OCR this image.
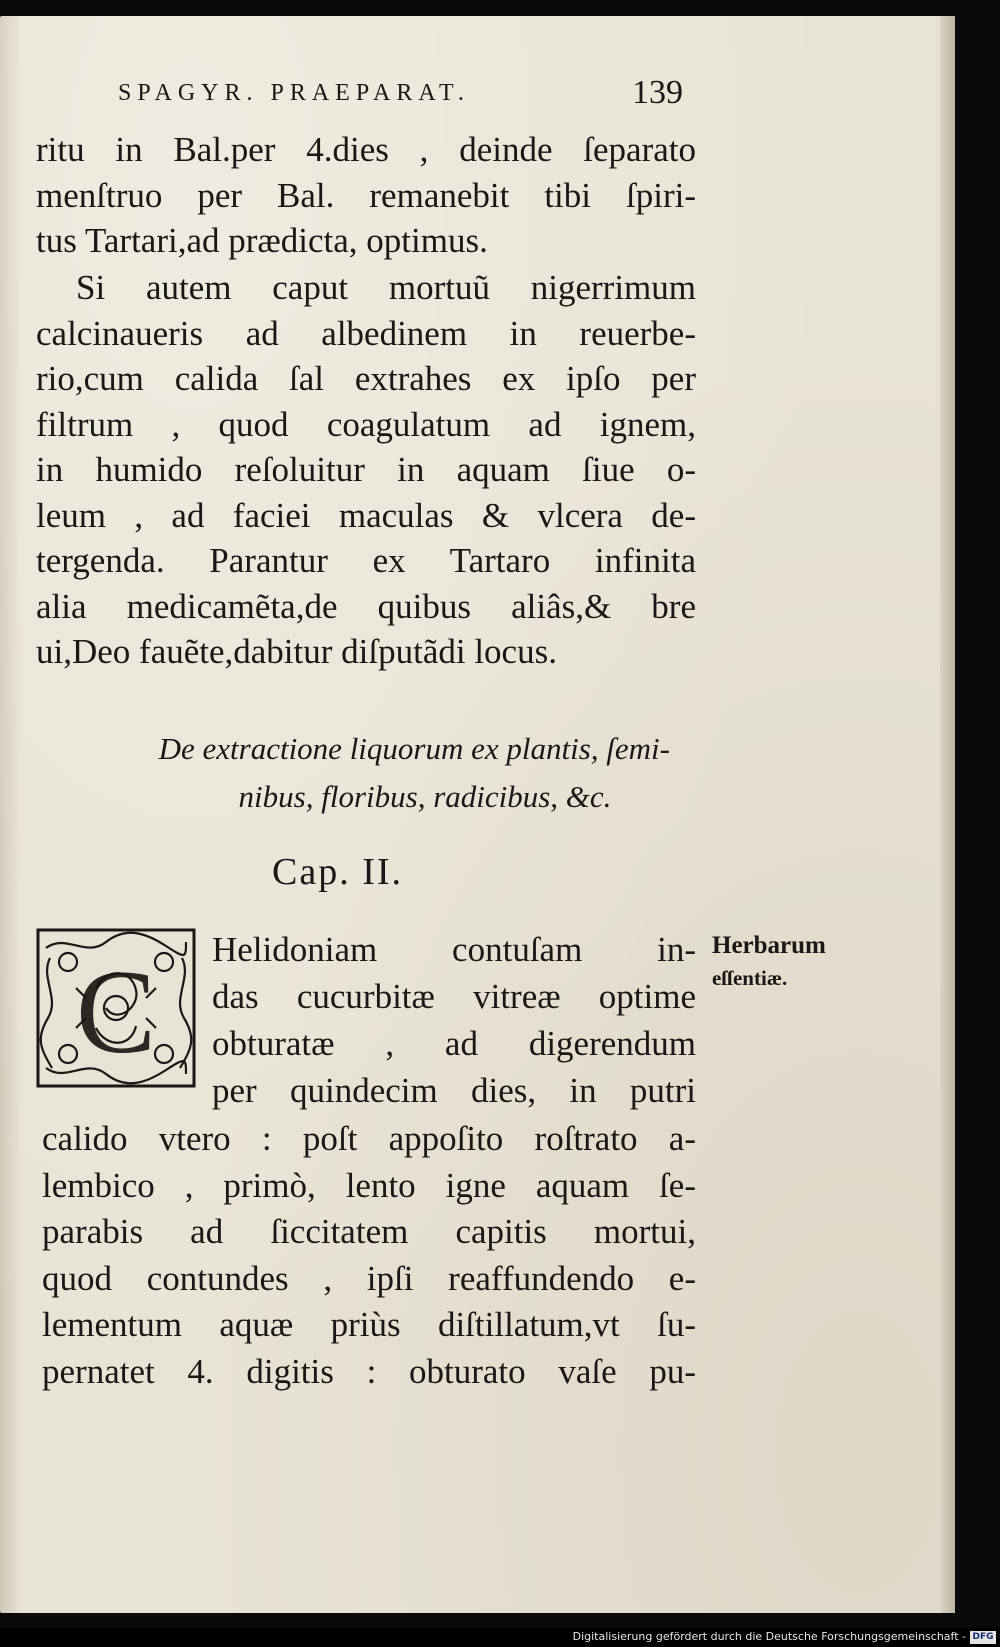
SPAGYR. PRAEPARAT.	139
ritu in Bal.per 4.dies , deinde ſeparato
menſtruo per Bal. remanebit tibi ſpiri-
tus Tartari,ad prædicta, optimus.
Si autem caput mortuũ nigerrimum
calcinaueris ad albedinem in reuerbe-
rio,cum calida ſal extrahes ex ipſo per
filtrum , quod coagulatum ad ignem,
in humido reſoluitur in aquam ſiue o-
leum , ad faciei maculas & vlcera de-
tergenda. Parantur ex Tartaro infinita
alia medicamẽta,de quibus aliâs,& bre
ui,Deo fauẽte,dabitur diſputãdi locus.
De extractione liquorum ex plantis, ſemi-
nibus, floribus, radicibus, &c.
Cap. II.
C Helidoniam contuſam in-
das cucurbitæ vitreæ optime
obturatæ , ad digerendum
per quindecim dies, in putri
calido vtero : poſt appoſito roſtrato a-
lembico , primò, lento igne aquam ſe-
parabis ad ſiccitatem capitis mortui,
quod contundes , ipſi reaffundendo e-
lementum aquæ priùs diſtillatum,vt ſu-
pernatet 4. digitis : obturato vaſe pu-
Herbarum
eſſentiæ.
Digitalisierung gefördert durch die Deutsche Forschungsgemeinschaft - DFG
